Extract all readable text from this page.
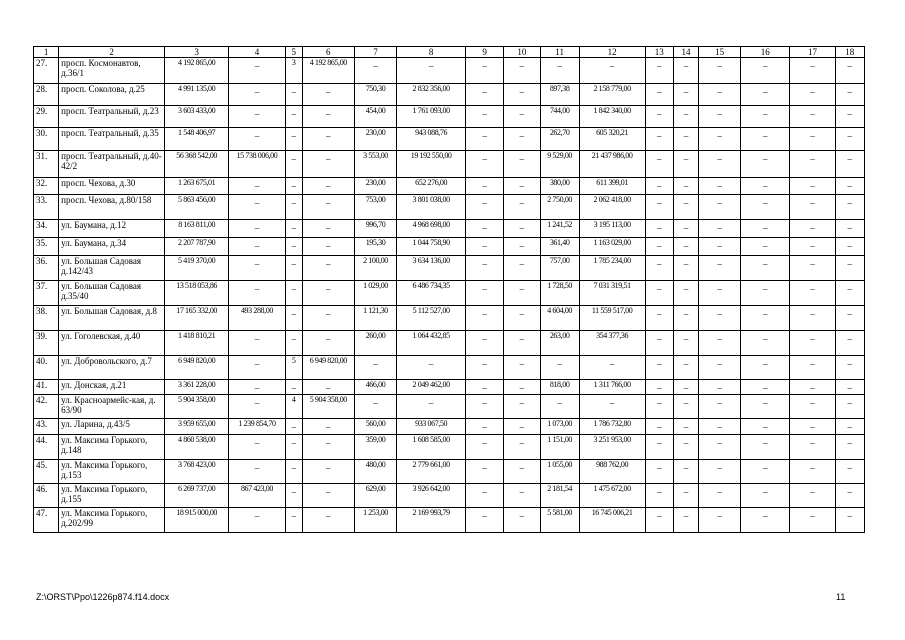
1	2	3	4	5	6	7	8	9	10	11	12	13	14	15	16	17	18
27.	просп. Космонавтов, д.36/1	4 192 865,00	_	3	4 192 865,00	_	_	_	_	_	_	_	_	_	_	_	_
28.	просп. Соколова, д.25	4 991 135,00	_	_	_	750,30	2 832 356,00	_	_	897,38	2 158 779,00	_	_	_	_	_	_
29.	просп. Театральный, д.23	3 603 433,00	_	_	_	454,00	1 761 093,00	_	_	744,00	1 842 340,00	_	_	_	_	_	_
30.	просп. Театральный, д.35	1 548 406,97	_	_	_	230,00	943 088,76	_	_	262,70	605 320,21	_	_	_	_	_	_
31.	просп. Театральный, д.40-42/2	56 368 542,00	15 738 006,00	_	_	3 553,00	19 192 550,00	_	_	9 529,00	21 437 986,00	_	_	_	_	_	_
32.	просп. Чехова, д.30	1 263 675,01	_	_	_	230,00	652 276,00	_	_	380,00	611 399,01	_	_	_	_	_	_
33.	просп. Чехова, д.80/158	5 863 456,00	_	_	_	753,00	3 801 038,00	_	_	2 750,00	2 062 418,00	_	_	_	_	_	_
34.	ул. Баумана, д.12	8 163 811,00	_	_	_	996,70	4 968 698,00	_	_	1 241,52	3 195 113,00	_	_	_	_	_	_
35.	ул. Баумана, д.34	2 207 787,90	_	_	_	195,30	1 044 758,90	_	_	361,40	1 163 029,00	_	_	_	_	_	_
36.	ул. Большая Садовая д.142/43	5 419 370,00	_	_	_	2 100,00	3 634 136,00	_	_	757,00	1 785 234,00	_	_	_	_	_	_
37.	ул. Большая Садовая д.35/40	13 518 053,86	_	_	_	1 029,00	6 486 734,35	_	_	1 728,50	7 031 319,51	_	_	_	_	_	_
38.	ул. Большая Садовая, д.8	17 165 332,00	493 288,00	_	_	1 121,30	5 112 527,00	_	_	4 604,00	11 559 517,00	_	_	_	_	_	_
39.	ул. Гоголевская, д.40	1 418 810,21	_	_	_	260,00	1 064 432,85	_	_	263,00	354 377,36	_	_	_	_	_	_
40.	ул. Добровольского, д.7	6 949 820,00	_	5	6 949 820,00	_	_	_	_	_	_	_	_	_	_	_	_
41.	ул. Донская, д.21	3 361 228,00	_	_	_	466,00	2 049 462,00	_	_	818,00	1 311 766,00	_	_	_	_	_	_
42.	ул. Красноармейс-кая, д. 63/90	5 904 358,00	_	4	5 904 358,00	_	_	_	_	_	_	_	_	_	_	_	_
43.	ул. Ларина, д.43/5	3 959 655,00	1 239 854,70	_	_	560,00	933 067,50	_	_	1 073,00	1 786 732,80	_	_	_	_	_	_
44.	ул. Максима Горького, д.148	4 860 538,00	_	_	_	359,00	1 608 585,00	_	_	1 151,00	3 251 953,00	_	_	_	_	_	_
45.	ул. Максима Горького, д.153	3 768 423,00	_	_	_	480,00	2 779 661,00	_	_	1 055,00	988 762,00	_	_	_	_	_	_
46.	ул. Максима Горького, д.155	6 269 737,00	867 423,00	_	_	629,00	3 926 642,00	_	_	2 181,54	1 475 672,00	_	_	_	_	_	_
47.	ул. Максима Горького, д.202/99	18 915 000,00	_	_	_	1 253,00	2 169 993,79	_	_	5 581,00	16 745 006,21	_	_	_	_	_	_
Z:\ORST\Ppo\1226p874.f14.docx	11
